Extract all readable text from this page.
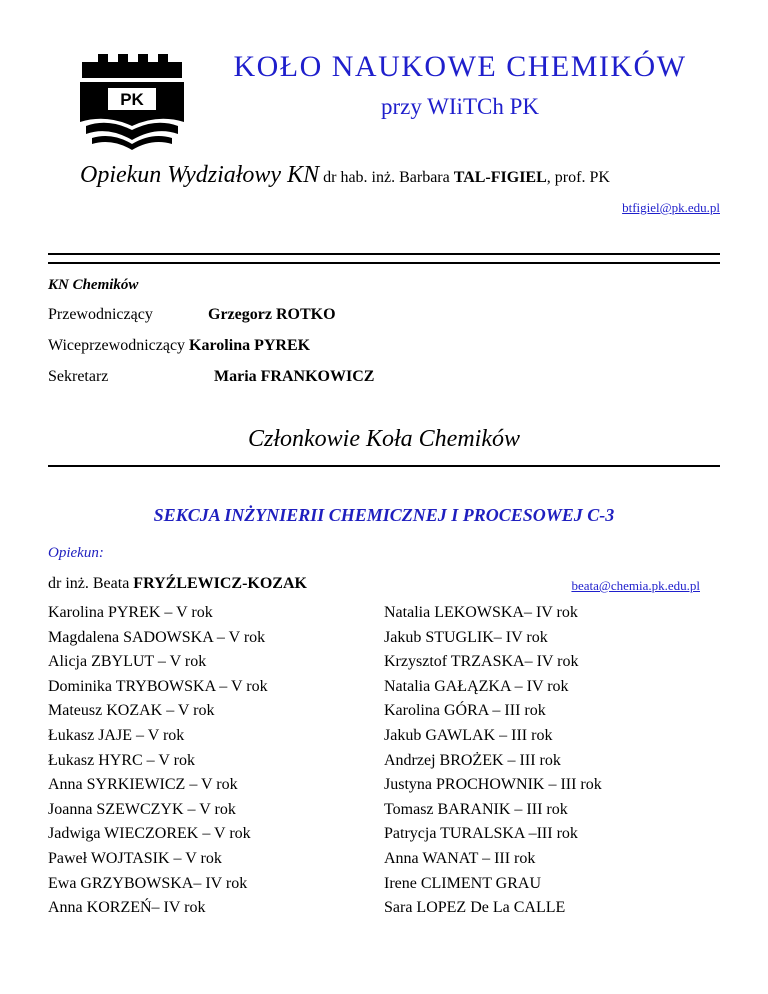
PK
KOŁO NAUKOWE CHEMIKÓW
przy WIiTCh PK
Opiekun Wydziałowy KN dr hab. inż. Barbara TAL-FIGIEL, prof. PK
btfigiel@pk.edu.pl
KN Chemików
Przewodniczący	Grzegorz ROTKO
Wiceprzewodniczący Karolina PYREK
Sekretarz	Maria FRANKOWICZ
Członkowie Koła Chemików
SEKCJA INŻYNIERII CHEMICZNEJ I PROCESOWEJ C-3
Opiekun:
dr inż. Beata FRYŹLEWICZ-KOZAK	beata@chemia.pk.edu.pl
Karolina PYREK – V rok
Magdalena SADOWSKA – V rok
Alicja ZBYLUT – V rok
Dominika TRYBOWSKA – V rok
Mateusz KOZAK – V rok
Łukasz JAJE – V rok
Łukasz HYRC – V rok
Anna SYRKIEWICZ – V rok
Joanna SZEWCZYK – V rok
Jadwiga WIECZOREK – V rok
Paweł WOJTASIK – V rok
Ewa GRZYBOWSKA– IV rok
Anna KORZEŃ– IV rok
Natalia LEKOWSKA– IV rok
Jakub STUGLIK– IV rok
Krzysztof TRZASKA– IV rok
Natalia GAŁĄZKA – IV rok
Karolina GÓRA – III rok
Jakub GAWLAK – III rok
Andrzej BROŻEK – III rok
Justyna PROCHOWNIK – III rok
Tomasz BARANIK – III rok
Patrycja TURALSKA –III rok
Anna WANAT – III rok
Irene CLIMENT GRAU
Sara LOPEZ De La CALLE
